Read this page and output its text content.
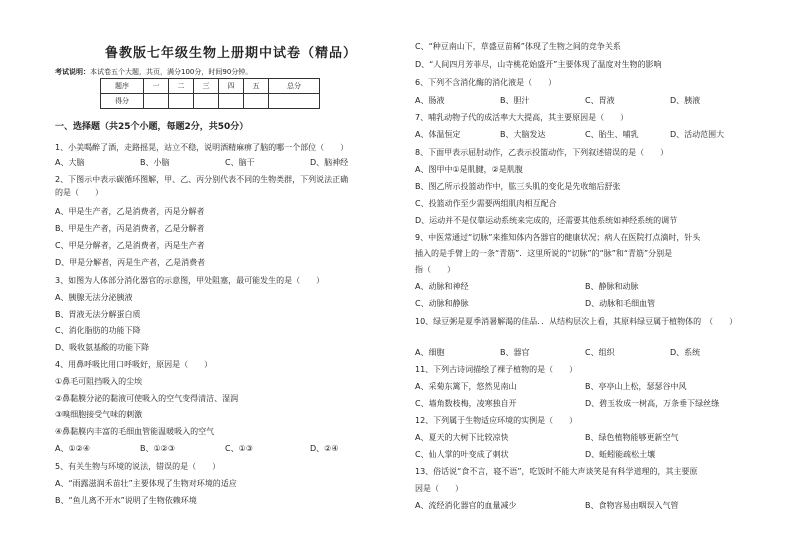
鲁教版七年级生物上册期中试卷（精品）
考试说明：本试卷五个大题，共页，满分100分，时间90分钟。
题序	一	二	三	四	五	总分
得分						
一、选择题（共25个小题，每题2分，共50分）
1、小美喝醉了酒，走路摇晃，站立不稳，说明酒精麻痹了脑的哪一个部位（　　）
A、大脑	B、小脑	C、脑干	D、脑神经
2、下图示中表示碳循环图解，甲、乙、丙分别代表不同的生物类群，下列说法正确
的是（　　）
A、甲是生产者，乙是消费者，丙是分解者
B、甲是生产者，丙是消费者，乙是分解者
C、甲是分解者，乙是消费者，丙是生产者
D、甲是分解者，丙是生产者，乙是消费者
3、如图为人体部分消化器官的示意图，甲处阻塞，最可能发生的是（　　）
A、胰腺无法分泌胰液
B、胃液无法分解蛋白质
C、消化脂肪的功能下降
D、吸收氨基酸的功能下降
4、用鼻呼吸比用口呼吸好，原因是（　　）
①鼻毛可阻挡吸入的尘埃
②鼻黏膜分泌的黏液可使吸入的空气变得清洁、湿润
③嗅细胞接受气味的刺激
④鼻黏膜内丰富的毛细血管能温暖吸入的空气
A、①②④	B、①②③	C、①③	D、②④
5、有关生物与环境的说法，错误的是（　　）
A、“雨露滋润禾苗壮”主要体现了生物对环境的适应
B、“鱼儿离不开水”说明了生物依赖环境
C、“种豆南山下，草盛豆苗稀”体现了生物之间的竞争关系
D、“人间四月芳菲尽，山寺桃花始盛开”主要体现了温度对生物的影响
6、下列不含消化酶的消化液是（　　）
A、肠液	B、胆汁	C、胃液	D、胰液
7、哺乳动物子代的成活率大大提高，其主要原因是（　　）
A、体温恒定	B、大脑发达	C、胎生、哺乳	D、活动范围大
8、下面甲表示屈肘动作，乙表示投篮动作，下列叙述错误的是（　　）
A、图甲中①是肌腱，②是肌腹
B、图乙所示投篮动作中，肱三头肌的变化是先收缩后舒张
C、投篮动作至少需要两组肌肉相互配合
D、运动并不是仅靠运动系统来完成的，还需要其他系统如神经系统的调节
9、中医常通过“切脉”来推知体内各器官的健康状况；病人在医院打点滴时，针头
插入的是手臂上的一条“青筋”．这里所说的“切脉”的“脉”和“青筋”分别是
指（　　）
A、动脉和神经	B、静脉和动脉
C、动脉和静脉	D、动脉和毛细血管
10、绿豆粥是夏季消暑解渴的佳品．．从结构层次上看，其原料绿豆属于植物体的　（　　）
A、细胞	B、器官	C、组织	D、系统
11、下列古诗词描绘了裸子植物的是（　　）
A、采菊东篱下，悠然见南山	B、亭亭山上松，瑟瑟谷中风
C、墙角数枝梅，凌寒独自开	D、碧玉妆成一树高，万条垂下绿丝绦
12、下列属于生物适应环境的实例是（　　）
A、夏天的大树下比较凉快	B、绿色植物能够更新空气
C、仙人掌的叶变成了刺状	D、蚯蚓能疏松土壤
13、俗话说“食不言，寝不语”，吃饭时不能大声谈笑是有科学道理的，其主要原
因是（　　）
A、流经消化器官的血量减少	B、食物容易由咽误入气管
